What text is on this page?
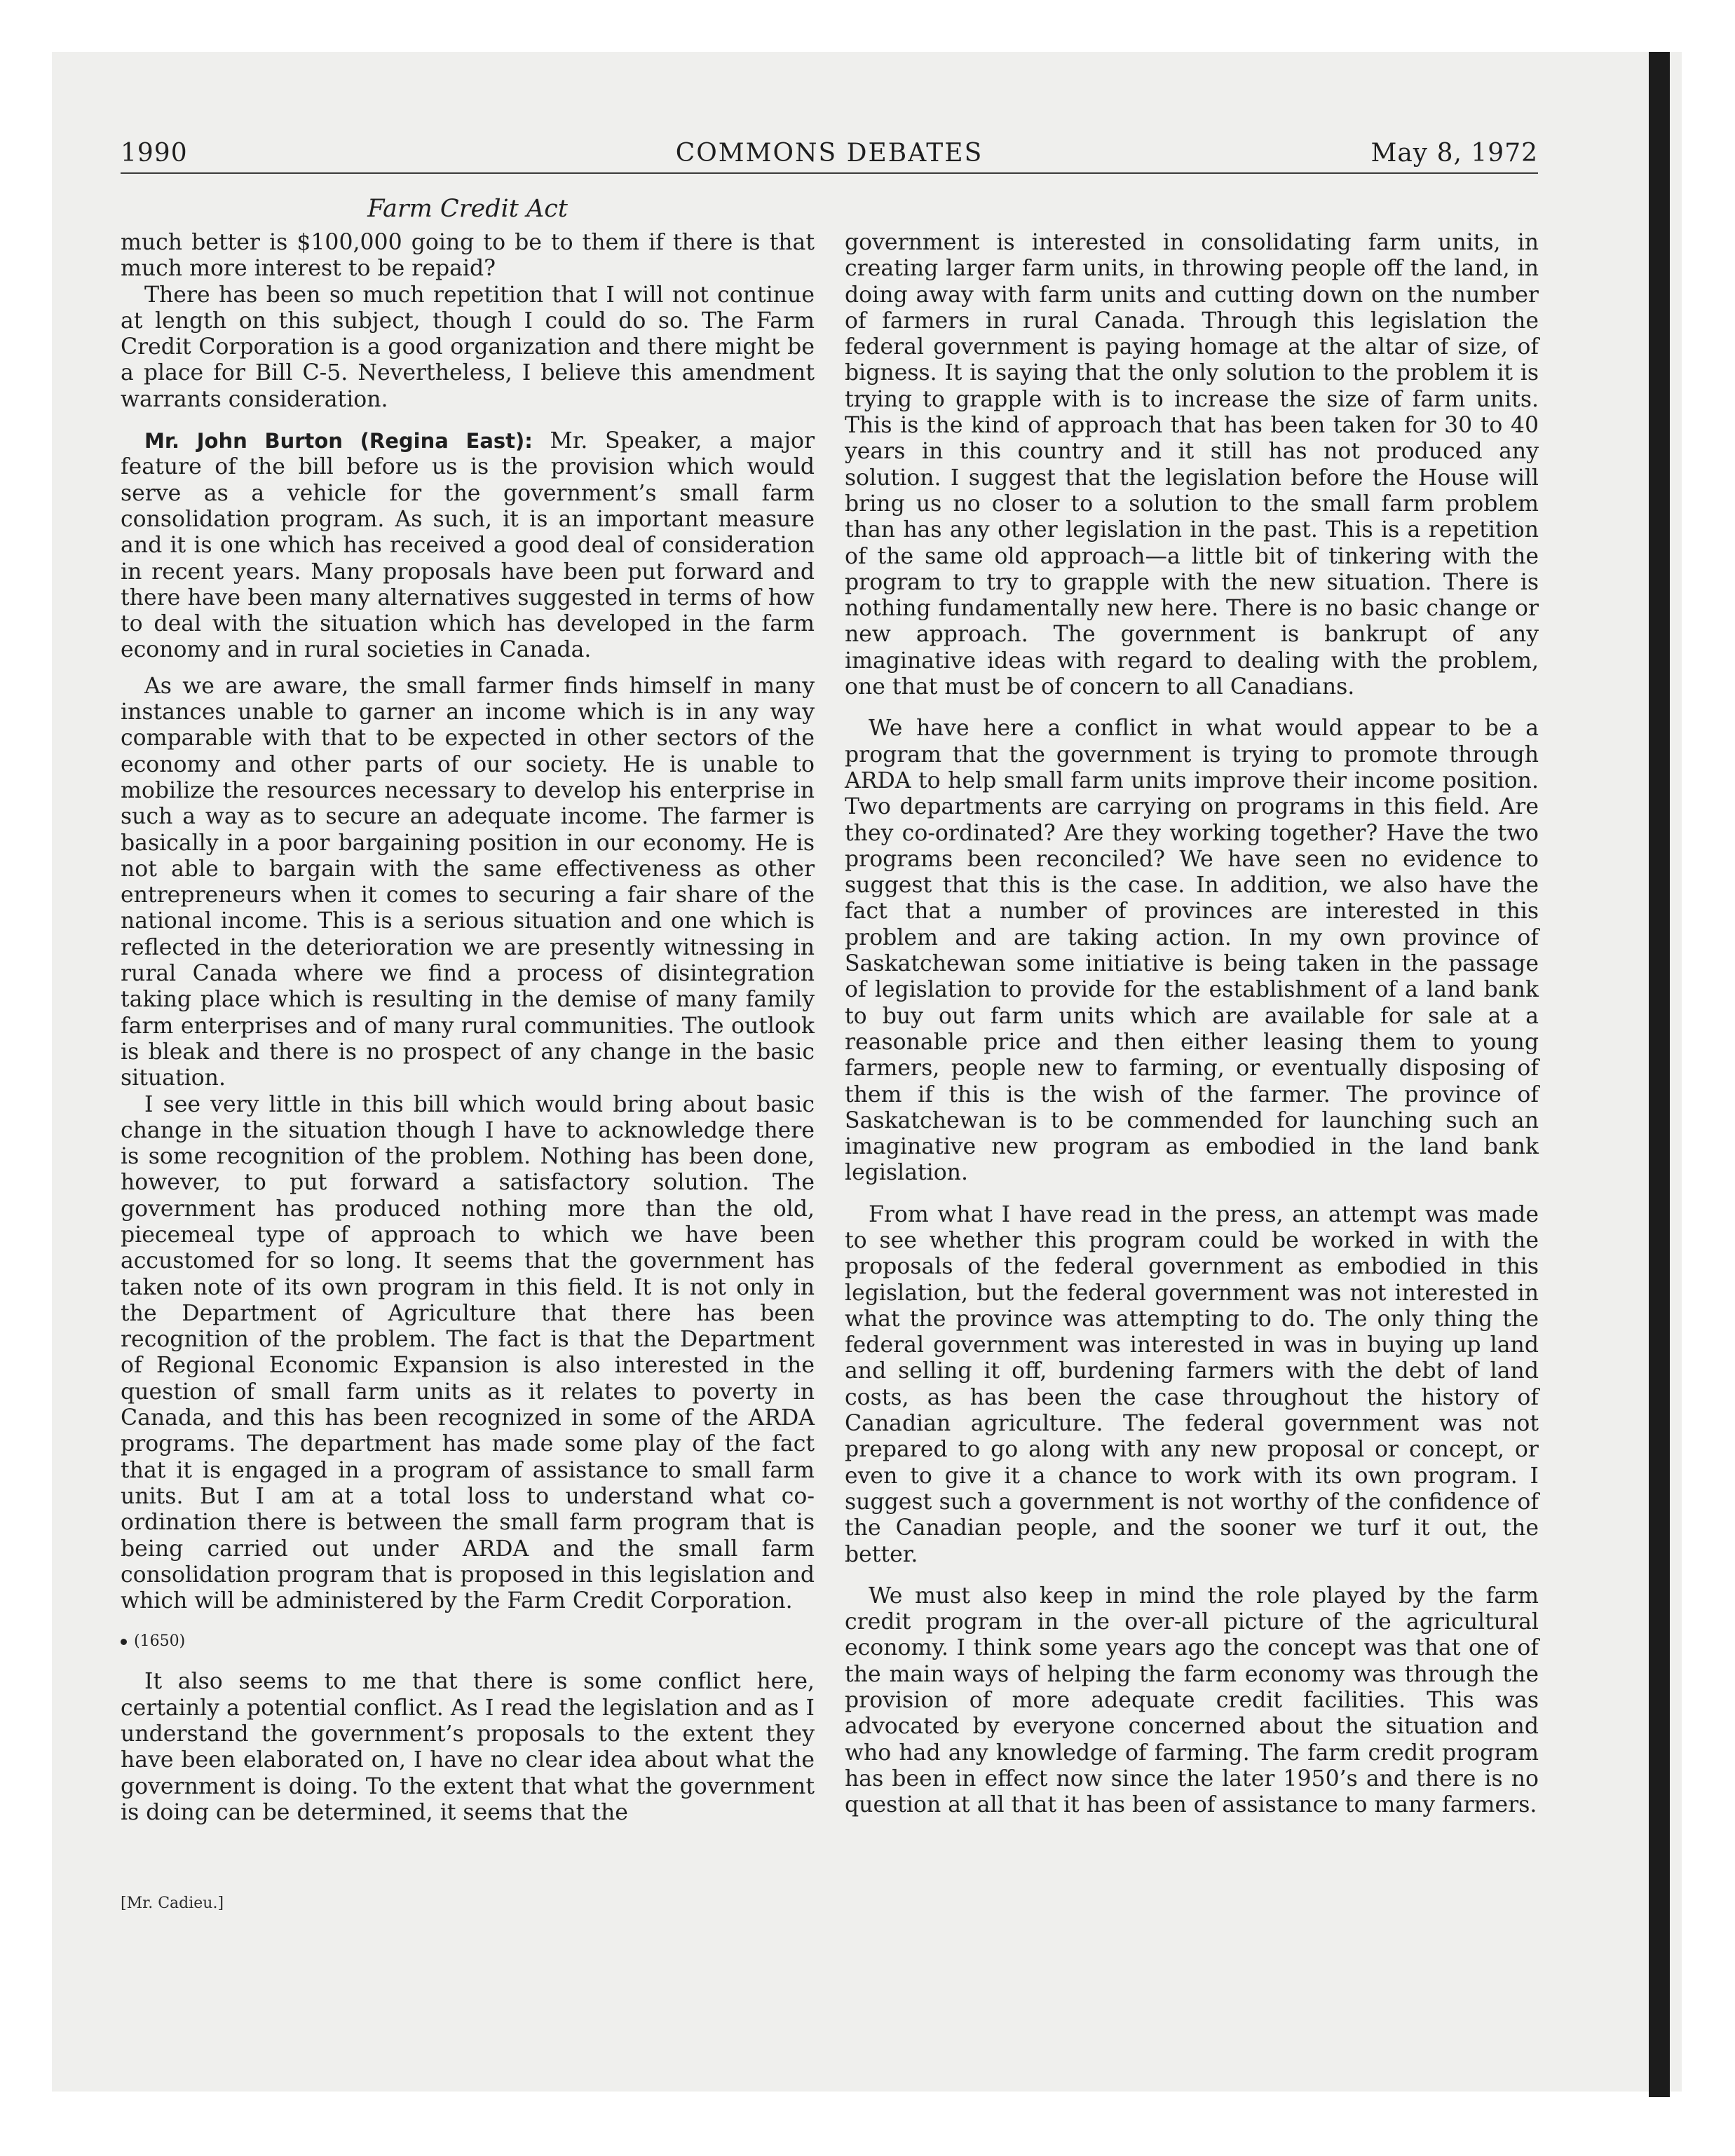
1990	COMMONS DEBATES	May 8, 1972
Farm Credit Act

much better is $100,000 going to be to them if there is that much more interest to be repaid?

There has been so much repetition that I will not continue at length on this subject, though I could do so. The Farm Credit Corporation is a good organization and there might be a place for Bill C-5. Nevertheless, I believe this amendment warrants consideration.

Mr. John Burton (Regina East): Mr. Speaker, a major feature of the bill before us is the provision which would serve as a vehicle for the government’s small farm consolidation program. As such, it is an important measure and it is one which has received a good deal of consideration in recent years. Many proposals have been put forward and there have been many alternatives suggested in terms of how to deal with the situation which has developed in the farm economy and in rural societies in Canada.

As we are aware, the small farmer finds himself in many instances unable to garner an income which is in any way comparable with that to be expected in other sectors of the economy and other parts of our society. He is unable to mobilize the resources necessary to develop his enterprise in such a way as to secure an adequate income. The farmer is basically in a poor bargaining position in our economy. He is not able to bargain with the same effectiveness as other entrepreneurs when it comes to securing a fair share of the national income. This is a serious situation and one which is reflected in the deterioration we are presently witnessing in rural Canada where we find a process of disintegration taking place which is resulting in the demise of many family farm enterprises and of many rural communities. The outlook is bleak and there is no prospect of any change in the basic situation.

I see very little in this bill which would bring about basic change in the situation though I have to acknowledge there is some recognition of the problem. Nothing has been done, however, to put forward a satisfactory solution. The government has produced nothing more than the old, piecemeal type of approach to which we have been accustomed for so long. It seems that the government has taken note of its own program in this field. It is not only in the Department of Agriculture that there has been recognition of the problem. The fact is that the Department of Regional Economic Expansion is also interested in the question of small farm units as it relates to poverty in Canada, and this has been recognized in some of the ARDA programs. The department has made some play of the fact that it is engaged in a program of assistance to small farm units. But I am at a total loss to understand what co-ordination there is between the small farm program that is being carried out under ARDA and the small farm consolidation program that is proposed in this legislation and which will be administered by the Farm Credit Corporation.

(1650)

It also seems to me that there is some conflict here, certainly a potential conflict. As I read the legislation and as I understand the government’s proposals to the extent they have been elaborated on, I have no clear idea about what the government is doing. To the extent that what the government is doing can be determined, it seems that the

government is interested in consolidating farm units, in creating larger farm units, in throwing people off the land, in doing away with farm units and cutting down on the number of farmers in rural Canada. Through this legislation the federal government is paying homage at the altar of size, of bigness. It is saying that the only solution to the problem it is trying to grapple with is to increase the size of farm units. This is the kind of approach that has been taken for 30 to 40 years in this country and it still has not produced any solution. I suggest that the legislation before the House will bring us no closer to a solution to the small farm problem than has any other legislation in the past. This is a repetition of the same old approach—a little bit of tinkering with the program to try to grapple with the new situation. There is nothing fundamentally new here. There is no basic change or new approach. The government is bankrupt of any imaginative ideas with regard to dealing with the problem, one that must be of concern to all Canadians.

We have here a conflict in what would appear to be a program that the government is trying to promote through ARDA to help small farm units improve their income position. Two departments are carrying on programs in this field. Are they co-ordinated? Are they working together? Have the two programs been reconciled? We have seen no evidence to suggest that this is the case. In addition, we also have the fact that a number of provinces are interested in this problem and are taking action. In my own province of Saskatchewan some initiative is being taken in the passage of legislation to provide for the establishment of a land bank to buy out farm units which are available for sale at a reasonable price and then either leasing them to young farmers, people new to farming, or eventually disposing of them if this is the wish of the farmer. The province of Saskatchewan is to be commended for launching such an imaginative new program as embodied in the land bank legislation.

From what I have read in the press, an attempt was made to see whether this program could be worked in with the proposals of the federal government as embodied in this legislation, but the federal government was not interested in what the province was attempting to do. The only thing the federal government was interested in was in buying up land and selling it off, burdening farmers with the debt of land costs, as has been the case throughout the history of Canadian agriculture. The federal government was not prepared to go along with any new proposal or concept, or even to give it a chance to work with its own program. I suggest such a government is not worthy of the confidence of the Canadian people, and the sooner we turf it out, the better.

We must also keep in mind the role played by the farm credit program in the over-all picture of the agricultural economy. I think some years ago the concept was that one of the main ways of helping the farm economy was through the provision of more adequate credit facilities. This was advocated by everyone concerned about the situation and who had any knowledge of farming. The farm credit program has been in effect now since the later 1950’s and there is no question at all that it has been of assistance to many farmers.

[Mr. Cadieu.]
